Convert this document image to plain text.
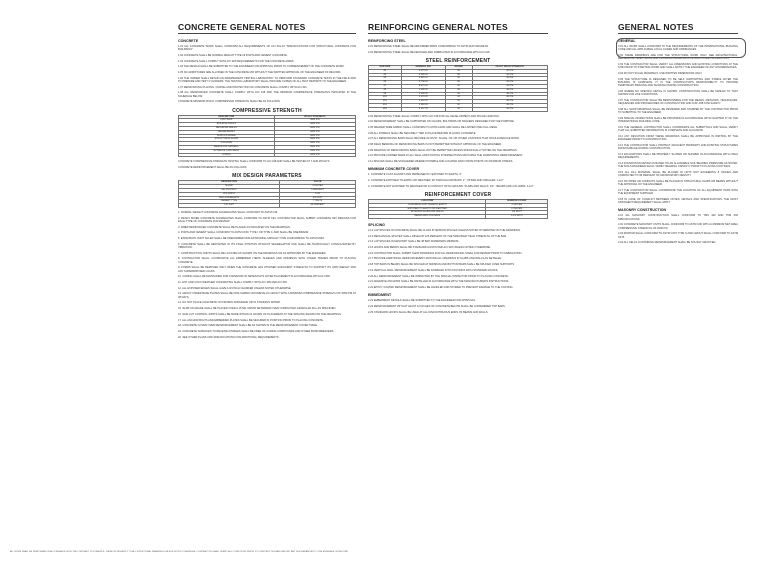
CONCRETE GENERAL NOTES
CONCRETE
1.01 ALL CONCRETE WORK SHALL CONFORM ALL REQUIREMENTS OF ACI 301-16 "SPECIFICATIONS FOR STRUCTURAL CONCRETE FOR BUILDINGS".
1.02 CONCRETE SHALL BE NORMAL WEIGHT TYPE I/II PORTLAND CEMENT CONCRETE.
1.03 CONCRETE SHALL COMPLY WITH ACI 318 REQUIREMENTS FOR THE CONCRETE MIXES.
1.04 THE DESIGN SHALL BE SUBMITTED TO THE ENGINEER FOR APPROVAL PRIOR TO COMMENCEMENT OF THE CONCRETE WORK.
1.05 NO ADMIXTURES ARE ALLOWED IN THE CONCRETE MIX WITHOUT THE WRITTEN APPROVAL OF THE ENGINEER OF RECORD.
1.06 THE OWNER SHALL RETAIN AN INDEPENDENT TESTING LABORATORY TO PERFORM STANDARD CONCRETE TESTS IN THE FIELD AND TO PREPARE AND TEST CYLINDERS. THE TESTING LABORATORY SHALL PROVIDE COPIES OF ALL TEST REPORTS TO THE ENGINEER.
1.07 REINFORCING PLACING, CURING AND PROTECTION OF CONCRETE SHALL COMPLY WITH ACI 301.
1.08 ALL REINFORCED CONCRETE SHALL COMPLY WITH ACI 318 AND THE MINIMUM COMPRESSIVE STRENGTHS INDICATED IN THE SCHEDULE BELOW.
CONCRETE MINIMUM 28 DAY COMPRESSIVE STRENGTH SHALL BE AS FOLLOWS:
COMPRESSIVE STRENGTH
DESCRIPTION	28 DAY STRENGTH
FOOTINGS	3000 PSI
BUILDING WALLS	3000 PSI
RETAINING WALLS	4000 PSI
GRADE BEAMS	4000 PSI
SLAB ON GRADE	4000 PSI
STRUCTURAL SLABS	4000 PSI
COLUMNS	5000 PSI
BEAMS AND GIRDERS	5000 PSI
EXTERIOR CONCRETE	4500 PSI
STAIRS	4000 PSI
CONCRETE COMPRESSIVE STRENGTH TESTING SHALL CONFORM TO ACI 318 AND SHALL BE TESTED AT 7 AND 28 DAYS.
CONCRETE REINFORCEMENT SHALL BE AS FOLLOWS:
MIX DESIGN PARAMETERS
DESCRIPTION	VALUE
SLUMP	4 INCHES
AIR CONTENT	6 PERCENT
W/C RATIO	0.45
MAX AGGREGATE	3/4 INCH
CEMENT TYPE	TYPE I/II
FLY ASH	20 PERCENT
1. NORMAL WEIGHT CONCRETE AGGREGATES SHALL CONFORM TO ASTM C33.
2. READY MIXED CONCRETE AGGREGATES SHALL CONFORM TO ASTM C94. CONTRACTOR SHALL SUBMIT CONCRETE MIX DESIGNS FOR EACH TYPE OF CONCRETE FOR REVIEW.
3. FIBER REINFORCED CONCRETE SHALL BE PLACED AS INDICATED ON THE DRAWINGS.
4. PORTLAND CEMENT SHALL CONFORM TO ASTM C150, TYPE I OR TYPE II, AND SHALL BE ONE BRAND.
5. EXPANSION JOINT FILLER SHALL BE PREFORMED NON-EXTRUDING ASPHALT TYPE CONFORMING TO ASTM D994.
6. CONCRETE SHALL BE DEPOSITED IN ITS FINAL POSITION WITHOUT SEGREGATION AND SHALL BE THOROUGHLY CONSOLIDATED BY VIBRATION.
7. CONSTRUCTION JOINTS SHALL BE LOCATED AS SHOWN ON THE DRAWINGS OR AS APPROVED BY THE ENGINEER.
8. CONTRACTOR SHALL COORDINATE ALL EMBEDDED ITEMS, SLEEVES AND OPENINGS WITH OTHER TRADES PRIOR TO PLACING CONCRETE.
9. FORMS SHALL BE REMOVED ONLY WHEN THE CONCRETE HAS ATTAINED SUFFICIENT STRENGTH TO SUPPORT ITS OWN WEIGHT AND ANY SUPERIMPOSED LOADS.
10. CURING SHALL BE MAINTAINED FOR A MINIMUM OF SEVEN DAYS AFTER PLACEMENT IN ACCORDANCE WITH ACI 308.
11. HOT AND COLD WEATHER CONCRETING SHALL COMPLY WITH ACI 305 AND ACI 306.
12. ALL EXPOSED EDGES SHALL HAVE A 3/4 INCH CHAMFER UNLESS NOTED OTHERWISE.
13. GROUT UNDER BASE PLATES SHALL BE NON-SHRINK NON-METALLIC GROUT WITH A MINIMUM COMPRESSIVE STRENGTH OF 5000 PSI AT 28 DAYS.
14. DO NOT PLACE CONCRETE ON FROZEN SUBGRADE OR IN STANDING WATER.
15. SLAB ON GRADE SHALL BE PLACED OVER A 15 MIL VAPOR RETARDER OVER COMPACTED GRANULAR FILL AS SPECIFIED.
16. SAW CUT CONTROL JOINTS SHALL BE MADE WITHIN 12 HOURS OF PLACEMENT AT THE SPACING SHOWN ON THE DRAWINGS.
17. ALL ANCHOR BOLTS AND EMBEDDED PLATES SHALL BE SECURED IN POSITION PRIOR TO PLACING CONCRETE.
18. CONCRETE COVER OVER REINFORCEMENT SHALL BE AS SHOWN IN THE REINFORCEMENT COVER TABLE.
19. CONCRETE SURFACES TO RECEIVE FINISHES SHALL BE FREE OF CURING COMPOUNDS AND OTHER BOND BREAKERS.
20. SEE OTHER PLANS AND SPECIFICATIONS FOR ADDITIONAL REQUIREMENTS.
REINFORCING GENERAL NOTES
REINFORCING STEEL
2.01 REINFORCING STEEL SHALL BE DEFORMED BARS CONFORMING TO ASTM A615 GRADE 60.
2.02 REINFORCING STEEL SHALL BE DETAILED AND FABRICATED IN ACCORDANCE WITH ACI 315.
STEEL REINFORCEMENT
BAR SIZE	NOMINAL DIA	GRADE	FILLET WELD STRENGTH
#3	0.375 IN	60	40 KSI
#4	0.500 IN	60	40 KSI
#5	0.625 IN	60	40 KSI
#6	0.750 IN	60	40 KSI
#7	0.875 IN	60	40 KSI
#8	1.000 IN	60	40 KSI
#9	1.128 IN	60	40 KSI
#10	1.270 IN	60	40 KSI
#11	1.410 IN	60	40 KSI
#14	1.693 IN	60	40 KSI
#18	2.257 IN	60	40 KSI
2.03 REINFORCING STEEL SHALL COMPLY WITH ACI 318 FOR ALL DEVELOPMENT AND SPLICE LENGTHS.
2.04 REINFORCEMENT SHALL BE SUPPORTED ON CHAIRS, BOLSTERS OR SPACERS DESIGNED FOR THE PURPOSE.
2.05 WELDED WIRE FABRIC SHALL CONFORM TO ASTM A1064 AND SHALL BE LAPPED ONE FULL MESH.
2.06 ALL DOWELS SHALL BE SECURELY TIED IN PLACE BEFORE PLACING CONCRETE.
2.07 ALL REINFORCING BARS SHALL BE FREE OF RUST, SCALE, OIL OR OTHER COATINGS THAT WOULD REDUCE BOND.
2.08 FIELD BENDING OF REINFORCING BARS IS NOT PERMITTED WITHOUT APPROVAL OF THE ENGINEER.
2.09 WELDING OF REINFORCING BARS SHALL NOT BE PERMITTED UNLESS SPECIFICALLY NOTED ON THE DRAWINGS.
2.10 PROVIDE CORNER BARS AT ALL WALL AND FOOTING INTERSECTIONS MATCHING THE HORIZONTAL REINFORCEMENT.
2.11 SPLICES SHALL BE STAGGERED WHERE POSSIBLE AND LOCATED AWAY FROM POINTS OF MAXIMUM STRESS.
MINIMUM CONCRETE COVER
1. CONCRETE CAST AGAINST AND PERMANENTLY EXPOSED TO EARTH: 3"
2. CONCRETE EXPOSED TO EARTH OR WEATHER: #6 THROUGH #18 BARS: 2" ; #5 BAR AND SMALLER: 1-1/2"
3. CONCRETE NOT EXPOSED TO WEATHER OR IN CONTACT WITH GROUND: SLABS AND WALLS: 3/4" ; BEAMS AND COLUMNS: 1-1/2"
REINFORCEMENT COVER
LOCATION	MINIMUM COVER
CONCRETE CAST AGAINST EARTH	3 INCHES
EXPOSED TO EARTH OR WEATHER	2 INCHES
INTERIOR SLABS AND WALLS	3/4 INCH
BEAMS AND COLUMNS	1-1/2 INCH
SPLICING
2.12 LAP SPLICES IN CONCRETE SHALL BE CLASS B TENSION SPLICES UNLESS NOTED OTHERWISE ON THE DRAWINGS.
2.13 MECHANICAL SPLICES SHALL DEVELOP 125 PERCENT OF THE SPECIFIED YIELD STRENGTH OF THE BAR.
2.14 LAP SPLICES IN MASONRY SHALL BE 48 BAR DIAMETERS MINIMUM.
2.15 HOOKS AND BENDS SHALL BE STANDARD HOOKS PER ACI 318 UNLESS NOTED OTHERWISE.
2.16 CONTRACTOR SHALL SUBMIT SHOP DRAWINGS FOR ALL REINFORCING STEEL FOR REVIEW PRIOR TO FABRICATION.
2.17 PROVIDE ADDITIONAL REINFORCEMENT AROUND ALL OPENINGS IN SLABS AND WALLS AS DETAILED.
2.18 TOP BARS IN BEAMS SHALL BE SPLICED AT MIDSPAN AND BOTTOM BARS SHALL BE SPLICED OVER SUPPORTS.
2.19 VERTICAL WALL REINFORCEMENT SHALL BE DOWELED INTO FOOTINGS WITH STANDARD HOOKS.
2.20 ALL REINFORCEMENT SHALL BE INSPECTED BY THE SPECIAL INSPECTOR PRIOR TO PLACING CONCRETE.
2.21 ADHESIVE ANCHORS SHALL BE INSTALLED IN ACCORDANCE WITH THE MANUFACTURER'S INSTRUCTIONS.
2.22 EPOXY COATED REINFORCEMENT SHALL BE HANDLED AND STORED TO PREVENT DAMAGE TO THE COATING.
EMBEDMENT
2.23 EMBEDMENT DETAILS SHALL BE SUBMITTED TO THE ENGINEER FOR APPROVAL.
2.24 REINFORCEMENT WITH AT LEAST 12 INCHES OF CONCRETE BELOW SHALL BE CONSIDERED TOP BARS.
2.25 STANDARD HOOKS SHALL BE USED AT ALL DISCONTINUOUS ENDS OF BEAMS AND WALLS.
GENERAL NOTES
GENERAL
3.01 ALL WORK SHALL CONFORM TO THE REQUIREMENTS OF THE INTERNATIONAL BUILDING CODE AND ALL APPLICABLE LOCAL CODES AND ORDINANCES.
3.02 THESE DRAWINGS ARE FOR THE STRUCTURAL WORK ONLY. SEE ARCHITECTURAL, MECHANICAL, ELECTRICAL AND PLUMBING DRAWINGS FOR ADDITIONAL INFORMATION.
3.03 THE CONTRACTOR SHALL VERIFY ALL DIMENSIONS AND EXISTING CONDITIONS AT THE SITE PRIOR TO STARTING WORK AND SHALL NOTIFY THE ENGINEER OF ANY DISCREPANCIES.
3.04 DO NOT SCALE DRAWINGS. USE WRITTEN DIMENSIONS ONLY.
3.05 THE STRUCTURE IS DESIGNED TO BE SELF SUPPORTING AND STABLE AFTER THE BUILDING IS COMPLETE. IT IS THE CONTRACTOR'S RESPONSIBILITY TO PROVIDE TEMPORARY BRACING AND SHORING DURING CONSTRUCTION.
3.06 WHERE NO SPECIFIC DETAIL IS SHOWN, CONSTRUCTION SHALL BE SIMILAR TO THAT SHOWN FOR LIKE CONDITIONS.
3.07 THE CONTRACTOR SHALL BE RESPONSIBLE FOR THE MEANS, METHODS, TECHNIQUES, SEQUENCES AND PROCEDURES OF CONSTRUCTION AND FOR JOB SITE SAFETY.
3.08 ALL SHOP DRAWINGS SHALL BE REVIEWED AND STAMPED BY THE CONTRACTOR PRIOR TO SUBMITTAL TO THE ENGINEER.
3.09 SPECIAL INSPECTIONS SHALL BE PROVIDED IN ACCORDANCE WITH CHAPTER 17 OF THE INTERNATIONAL BUILDING CODE.
3.10 THE GENERAL CONTRACTOR SHALL COORDINATE ALL SUBMITTALS AND SHALL VERIFY THAT ALL SUBMITTED INFORMATION IS COMPLETE AND ACCURATE.
3.11 ANY DEVIATION FROM THESE DRAWINGS SHALL BE APPROVED IN WRITING BY THE ENGINEER PRIOR TO CONSTRUCTION.
3.12 THE CONTRACTOR SHALL PROTECT ADJACENT PROPERTY AND EXISTING STRUCTURES FROM DAMAGE DURING CONSTRUCTION.
3.13 EXCAVATIONS SHALL BE PROPERLY SLOPED OR SHORED IN ACCORDANCE WITH OSHA REQUIREMENTS.
3.14 FOUNDATION DESIGN IS BASED ON AN ALLOWABLE SOIL BEARING PRESSURE AS NOTED. THE SOILS ENGINEER SHALL VERIFY BEARING CAPACITY PRIOR TO PLACING FOOTINGS.
3.15 ALL FILL MATERIAL SHALL BE PLACED IN LIFTS NOT EXCEEDING 8 INCHES AND COMPACTED TO 95 PERCENT OF MAXIMUM DRY DENSITY.
3.16 NO PIPES OR CONDUITS SHALL BE PLACED IN STRUCTURAL SLABS OR BEAMS WITHOUT THE APPROVAL OF THE ENGINEER.
3.17 THE CONTRACTOR SHALL COORDINATE THE LOCATION OF ALL EQUIPMENT PADS WITH THE EQUIPMENT SUPPLIER.
3.18 IN CASE OF CONFLICT BETWEEN NOTES, DETAILS AND SPECIFICATIONS, THE MOST STRINGENT REQUIREMENT SHALL APPLY.
MASONRY CONSTRUCTION
4.01 ALL MASONRY CONSTRUCTION SHALL CONFORM TO TMS 402 AND TMS 602 SPECIFICATIONS.
4.02 CONCRETE MASONRY UNITS SHALL CONFORM TO ASTM C90 WITH A MINIMUM NET AREA COMPRESSIVE STRENGTH OF 2000 PSI.
4.03 MORTAR SHALL CONFORM TO ASTM C270 TYPE S AND GROUT SHALL CONFORM TO ASTM C476.
4.04 ALL CELLS CONTAINING REINFORCEMENT SHALL BE SOLIDLY GROUTED.
ALL WORK SHALL BE PERFORMED IN ACCORDANCE WITH THE CONTRACT DOCUMENTS. THESE NOTES APPLY TO ALL STRUCTURAL DRAWINGS UNLESS NOTED OTHERWISE. CONTRACTOR SHALL VERIFY ALL CONDITIONS PRIOR TO CONSTRUCTION AND REPORT ANY DISCREPANCIES TO THE ENGINEER OF RECORD.
